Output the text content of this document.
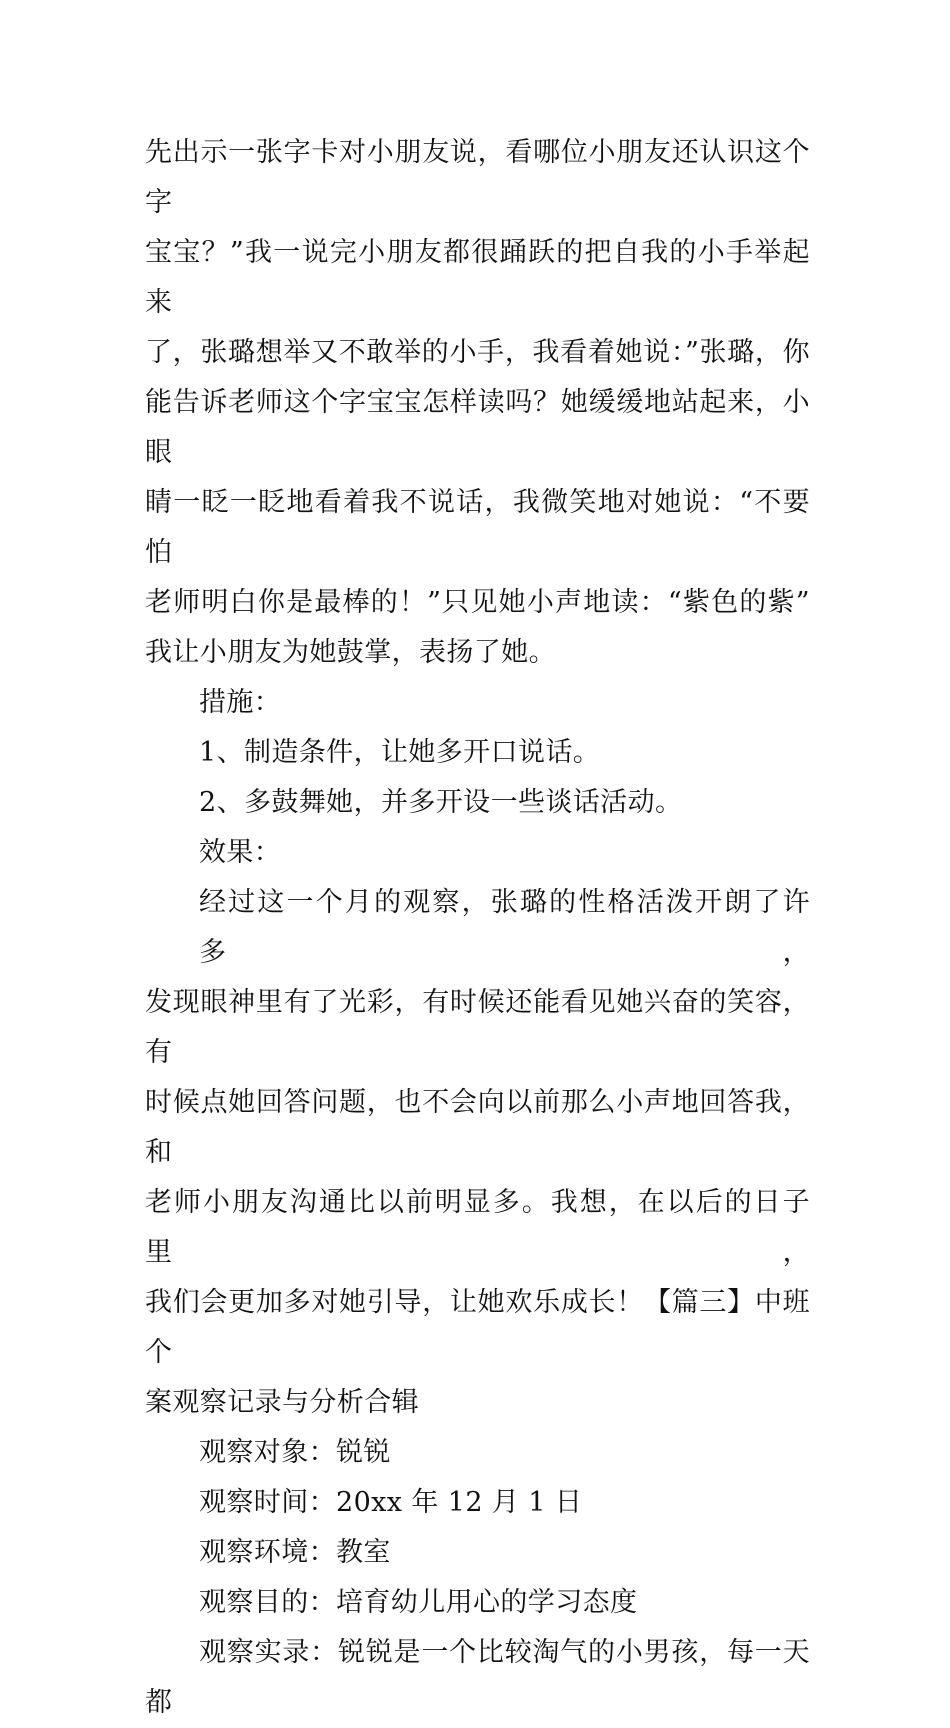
先出示一张字卡对小朋友说，看哪位小朋友还认识这个字
宝宝？”我一说完小朋友都很踊跃的把自我的小手举起来
了，张璐想举又不敢举的小手，我看着她说：”张璐，你
能告诉老师这个字宝宝怎样读吗？她缓缓地站起来，小眼
睛一眨一眨地看着我不说话，我微笑地对她说：“不要怕
老师明白你是最棒的！”只见她小声地读：“紫色的紫”
我让小朋友为她鼓掌，表扬了她。
措施：
1、制造条件，让她多开口说话。
2、多鼓舞她，并多开设一些谈话活动。
效果：
经过这一个月的观察，张璐的性格活泼开朗了许多，
发现眼神里有了光彩，有时候还能看见她兴奋的笑容，有
时候点她回答问题，也不会向以前那么小声地回答我，和
老师小朋友沟通比以前明显多。我想，在以后的日子里，
我们会更加多对她引导，让她欢乐成长！【篇三】中班个
案观察记录与分析合辑
观察对象：锐锐
观察时间：20xx 年 12 月 1 日
观察环境：教室
观察目的：培育幼儿用心的学习态度
观察实录：锐锐是一个比较淘气的小男孩，每一天都
